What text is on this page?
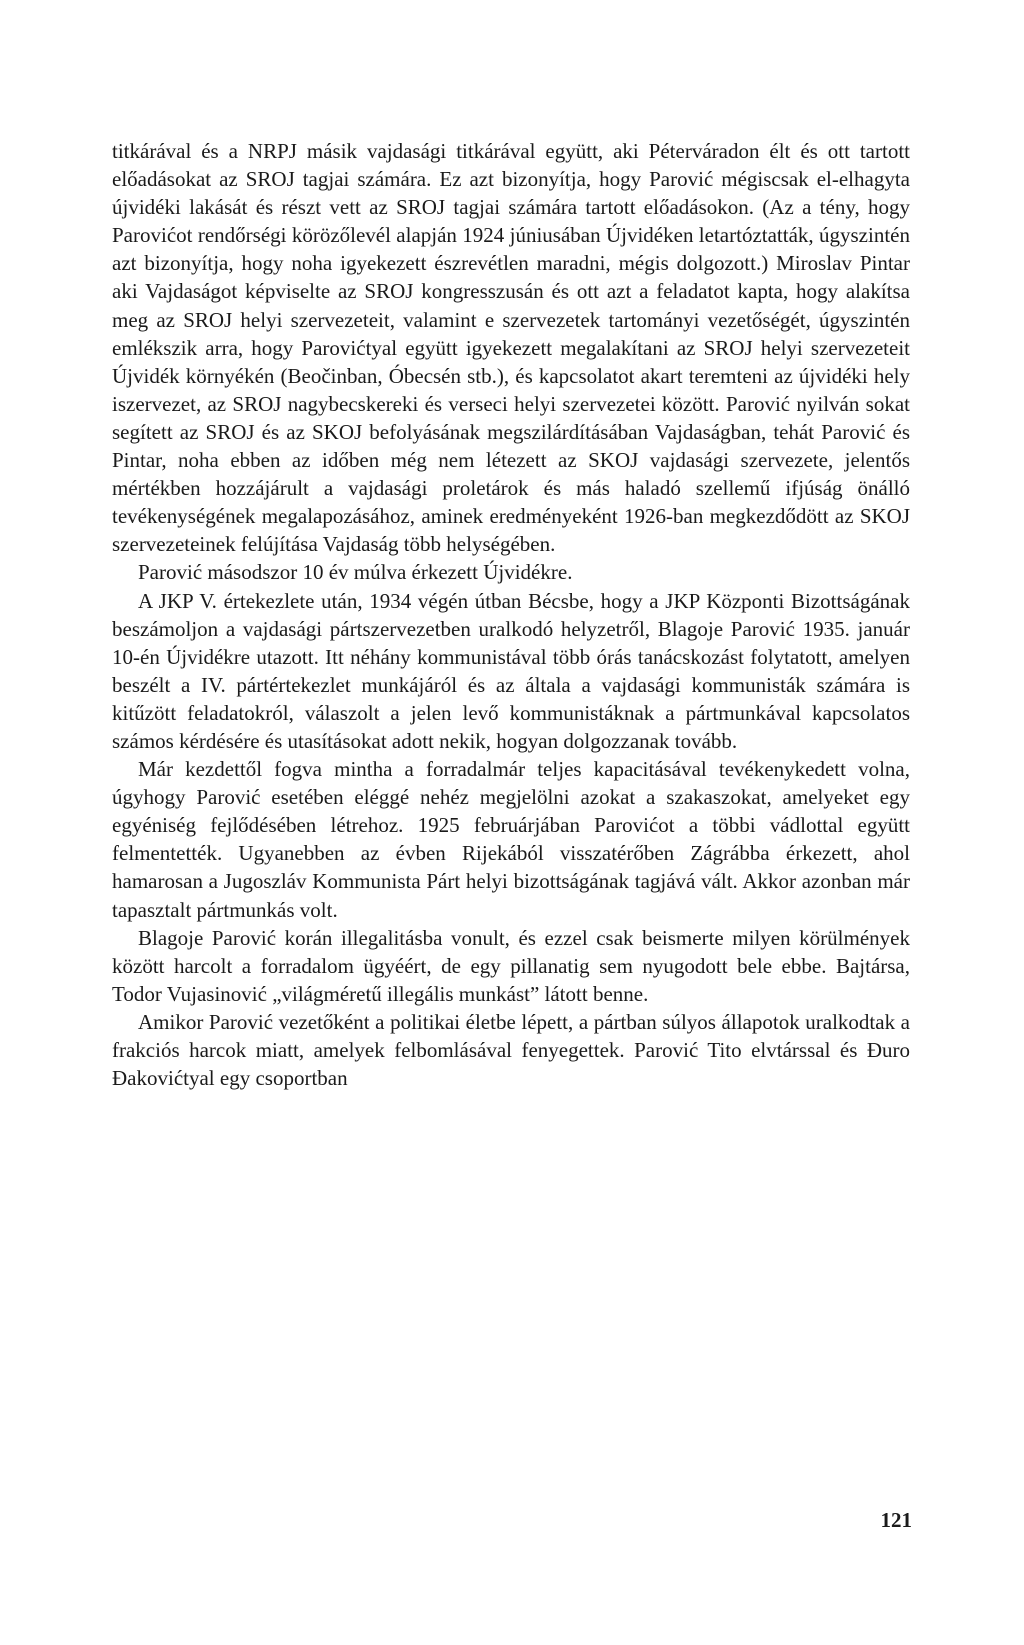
titkárával és a NRPJ másik vajdasági titkárával együtt, aki Péterváradon élt és ott tartott előadásokat az SROJ tagjai számára. Ez azt bizonyítja, hogy Parović mégiscsak el-elhagyta újvidéki lakását és részt vett az SROJ tagjai számára tartott előadásokon. (Az a tény, hogy Parovićot rendőrségi körözőlevél alapján 1924 júniusában Újvidéken letartóztatták, úgyszintén azt bizonyítja, hogy noha igyekezett észrevétlen maradni, mégis dolgozott.) Miroslav Pintar aki Vajdaságot képviselte az SROJ kongresszusán és ott azt a feladatot kapta, hogy alakítsa meg az SROJ helyi szervezeteit, valamint e szervezetek tartományi vezetőségét, úgyszintén emlékszik arra, hogy Parovićtyal együtt igyekezett megalakítani az SROJ helyi szervezeteit Újvidék környékén (Beočinban, Óbecsén stb.), és kapcsolatot akart teremteni az újvidéki hely iszervezet, az SROJ nagybecskereki és verseci helyi szervezetei között. Parović nyilván sokat segített az SROJ és az SKOJ befolyásának megszilárdításában Vajdaságban, tehát Parović és Pintar, noha ebben az időben még nem létezett az SKOJ vajdasági szervezete, jelentős mértékben hozzájárult a vajdasági proletárok és más haladó szellemű ifjúság önálló tevékenységének megalapozásához, aminek eredményeként 1926-ban megkezdődött az SKOJ szervezeteinek felújítása Vajdaság több helységében.

Parović másodszor 10 év múlva érkezett Újvidékre.

A JKP V. értekezlete után, 1934 végén útban Bécsbe, hogy a JKP Központi Bizottságának beszámoljon a vajdasági pártszervezetben uralkodó helyzetről, Blagoje Parović 1935. január 10-én Újvidékre utazott. Itt néhány kommunistával több órás tanácskozást folytatott, amelyen beszélt a IV. pártértekezlet munkájáról és az általa a vajdasági kommunisták számára is kitűzött feladatokról, válaszolt a jelen levő kommunistáknak a pártmunkával kapcsolatos számos kérdésére és utasításokat adott nekik, hogyan dolgozzanak tovább.

Már kezdettől fogva mintha a forradalmár teljes kapacitásával tevékenykedett volna, úgyhogy Parović esetében eléggé nehéz megjelölni azokat a szakaszokat, amelyeket egy egyéniség fejlődésében létrehoz. 1925 februárjában Parovićot a többi vádlottal együtt felmentették. Ugyanebben az évben Rijekából visszatérőben Zágrábba érkezett, ahol hamarosan a Jugoszláv Kommunista Párt helyi bizottságának tagjává vált. Akkor azonban már tapasztalt pártmunkás volt.

Blagoje Parović korán illegalitásba vonult, és ezzel csak beismerte milyen körülmények között harcolt a forradalom ügyéért, de egy pillanatig sem nyugodott bele ebbe. Bajtársa, Todor Vujasinović „világméretű illegális munkást” látott benne.

Amikor Parović vezetőként a politikai életbe lépett, a pártban súlyos állapotok uralkodtak a frakciós harcok miatt, amelyek felbomlásával fenyegettek. Parović Tito elvtárssal és Đuro Đakovićtyal egy csoportban

121
